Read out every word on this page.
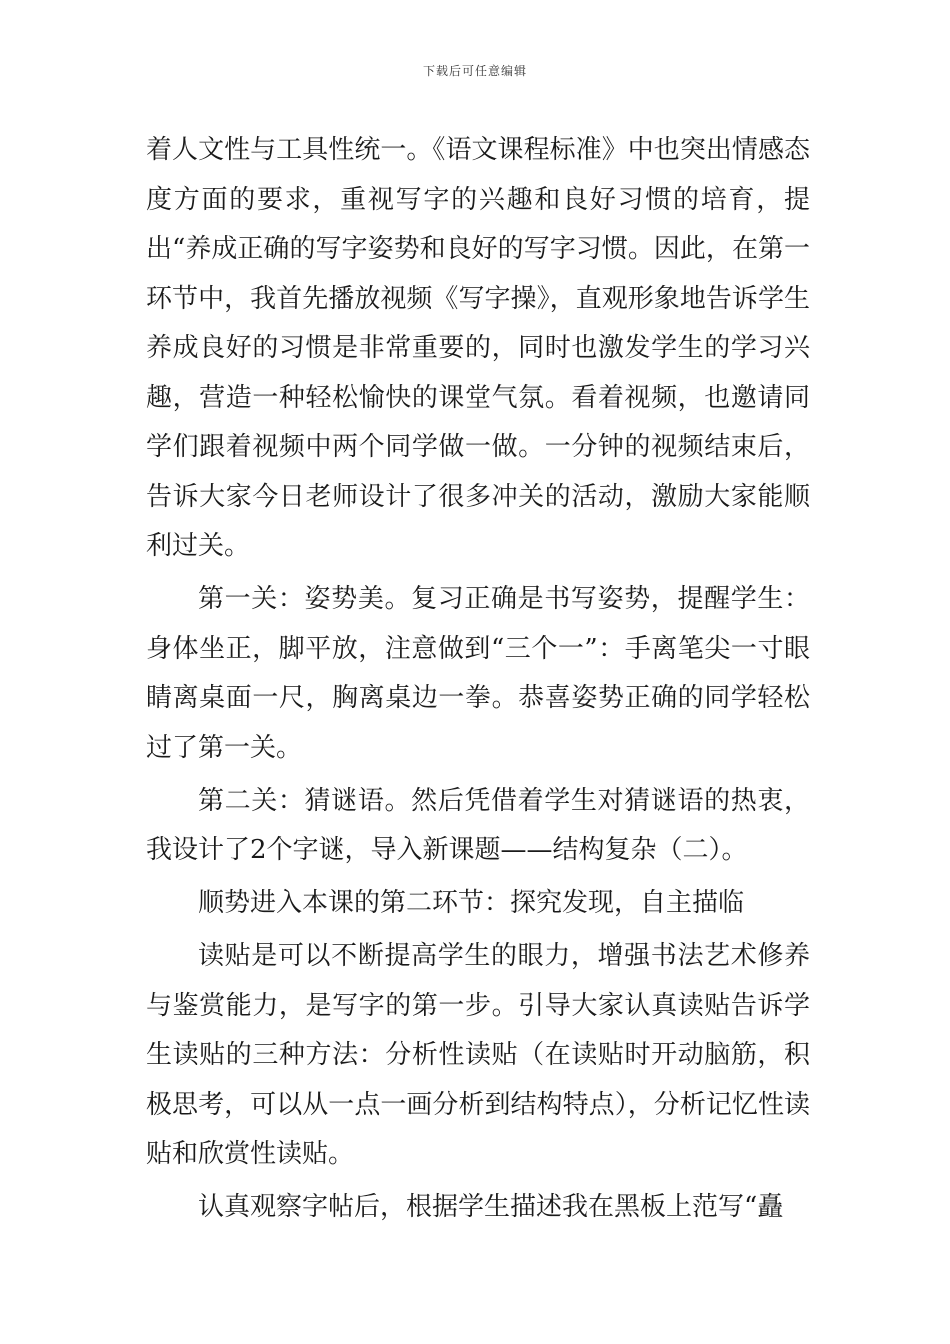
下载后可任意编辑

着人文性与工具性统一。《语文课程标准》中也突出情感态度方面的要求，重视写字的兴趣和良好习惯的培育，提出“养成正确的写字姿势和良好的写字习惯。因此，在第一环节中，我首先播放视频《写字操》，直观形象地告诉学生养成良好的习惯是非常重要的，同时也激发学生的学习兴趣，营造一种轻松愉快的课堂气氛。看着视频，也邀请同学们跟着视频中两个同学做一做。一分钟的视频结束后，告诉大家今日老师设计了很多冲关的活动，激励大家能顺利过关。

第一关：姿势美。复习正确是书写姿势，提醒学生：身体坐正，脚平放，注意做到“三个一”：手离笔尖一寸眼睛离桌面一尺，胸离桌边一拳。恭喜姿势正确的同学轻松过了第一关。

第二关：猜谜语。然后凭借着学生对猜谜语的热衷，我设计了2个字谜，导入新课题——结构复杂（二）。

顺势进入本课的第二环节：探究发现，自主描临

读贴是可以不断提高学生的眼力，增强书法艺术修养与鉴赏能力，是写字的第一步。引导大家认真读贴告诉学生读贴的三种方法：分析性读贴（在读贴时开动脑筋，积极思考，可以从一点一画分析到结构特点），分析记忆性读贴和欣赏性读贴。

认真观察字帖后，根据学生描述我在黑板上范写“矗
